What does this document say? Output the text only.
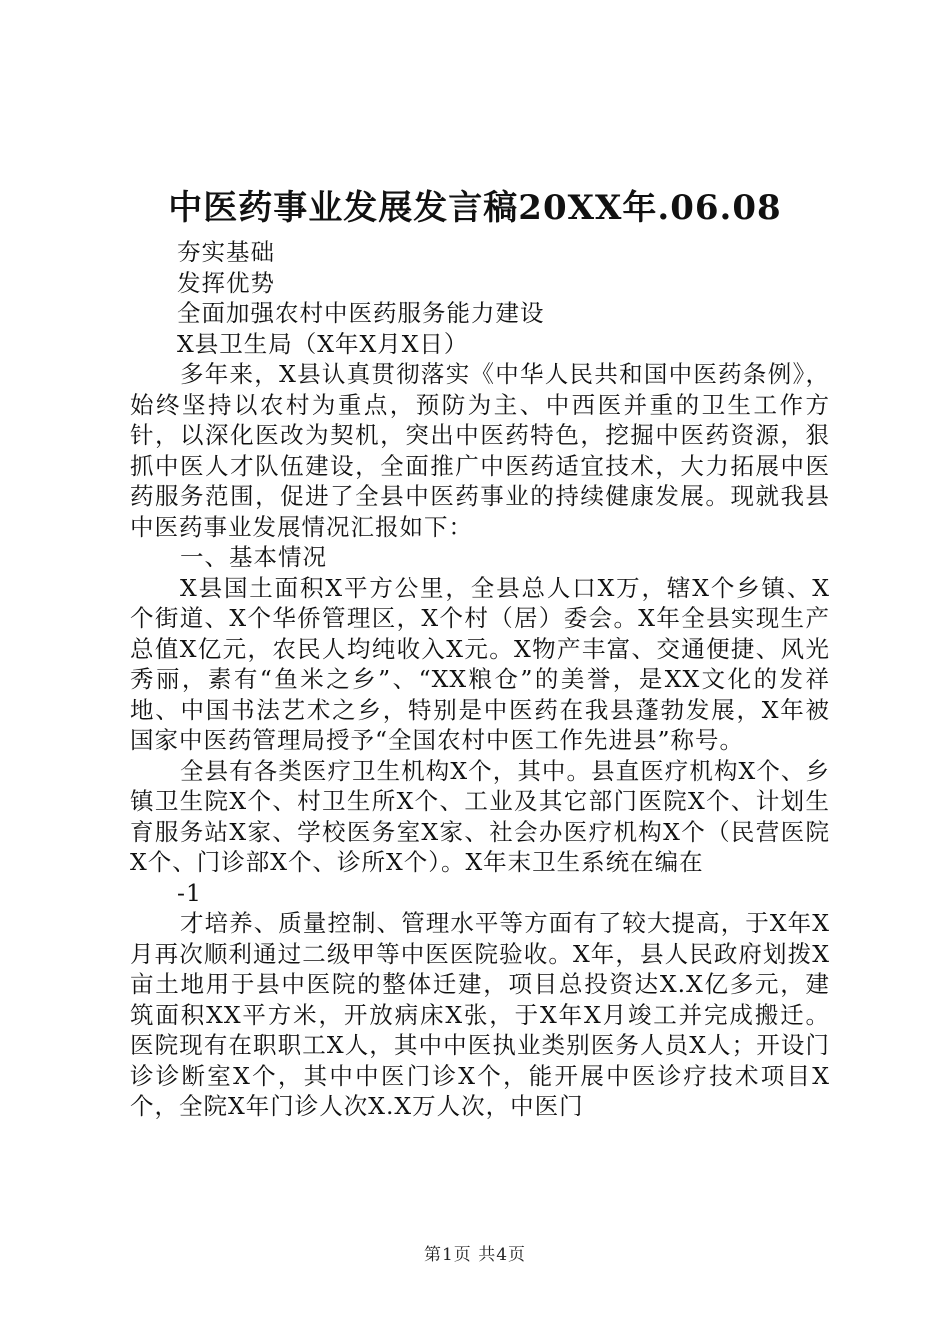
中医药事业发展发言稿20XX年.06.08

夯实基础

发挥优势

全面加强农村中医药服务能力建设

X县卫生局（X年X月X日）

多年来，X县认真贯彻落实《中华人民共和国中医药条例》，始终坚持以农村为重点，预防为主、中西医并重的卫生工作方针，以深化医改为契机，突出中医药特色，挖掘中医药资源，狠抓中医人才队伍建设，全面推广中医药适宜技术，大力拓展中医药服务范围，促进了全县中医药事业的持续健康发展。现就我县中医药事业发展情况汇报如下：

一、基本情况

X县国土面积X平方公里，全县总人口X万，辖X个乡镇、X个街道、X个华侨管理区，X个村（居）委会。X年全县实现生产总值X亿元，农民人均纯收入X元。X物产丰富、交通便捷、风光秀丽，素有“鱼米之乡”、“XX粮仓”的美誉，是XX文化的发祥地、中国书法艺术之乡，特别是中医药在我县蓬勃发展，X年被国家中医药管理局授予“全国农村中医工作先进县”称号。

全县有各类医疗卫生机构X个，其中。县直医疗机构X个、乡镇卫生院X个、村卫生所X个、工业及其它部门医院X个、计划生育服务站X家、学校医务室X家、社会办医疗机构X个（民营医院X个、门诊部X个、诊所X个）。X年末卫生系统在编在

-1

才培养、质量控制、管理水平等方面有了较大提高，于X年X月再次顺利通过二级甲等中医医院验收。X年，县人民政府划拨X亩土地用于县中医院的整体迁建，项目总投资达X.X亿多元，建筑面积XX平方米，开放病床X张，于X年X月竣工并完成搬迁。医院现有在职职工X人，其中中医执业类别医务人员X人；开设门诊诊断室X个，其中中医门诊X个，能开展中医诊疗技术项目X个，全院X年门诊人次X.X万人次，中医门

第1页 共4页
